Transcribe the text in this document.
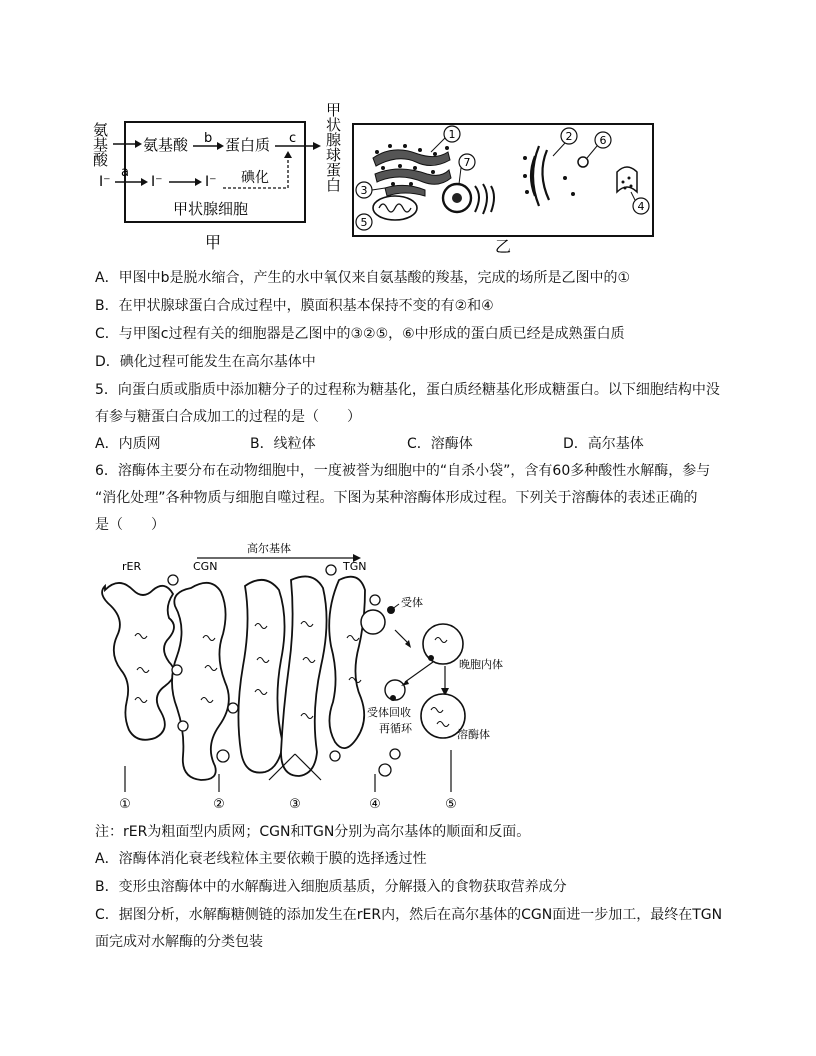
氨基酸 氨基酸 b 蛋白质 c
I⁻
a
I⁻	I⁻ 碘化
甲状腺细胞
甲
甲状腺球蛋白	1
3
5
7
2 6
4
乙
A．甲图中b是脱水缩合，产生的水中氧仅来自氨基酸的羧基，完成的场所是乙图中的①
B．在甲状腺球蛋白合成过程中，膜面积基本保持不变的有②和④
C．与甲图c过程有关的细胞器是乙图中的③②⑤，⑥中形成的蛋白质已经是成熟蛋白质
D．碘化过程可能发生在高尔基体中
5．向蛋白质或脂质中添加糖分子的过程称为糖基化，蛋白质经糖基化形成糖蛋白。以下细胞结构中没
有参与糖蛋白合成加工的过程的是（　　）
A．内质网	B．线粒体	C．溶酶体	D．高尔基体
6．溶酶体主要分布在动物细胞中，一度被誉为细胞中的“自杀小袋”，含有60多种酸性水解酶，参与
“消化处理”各种物质与细胞自噬过程。下图为某种溶酶体形成过程。下列关于溶酶体的表述正确的
是（　　）
rER	CGN
高尔基体
TGN
受体
晚胞内体
受体回收
再循环	溶酶体
①	②	③	④	⑤
注：rER为粗面型内质网；CGN和TGN分别为高尔基体的顺面和反面。
A．溶酶体消化衰老线粒体主要依赖于膜的选择透过性
B．变形虫溶酶体中的水解酶进入细胞质基质，分解摄入的食物获取营养成分
C．据图分析，水解酶糖侧链的添加发生在rER内，然后在高尔基体的CGN面进一步加工，最终在TGN
面完成对水解酶的分类包装
